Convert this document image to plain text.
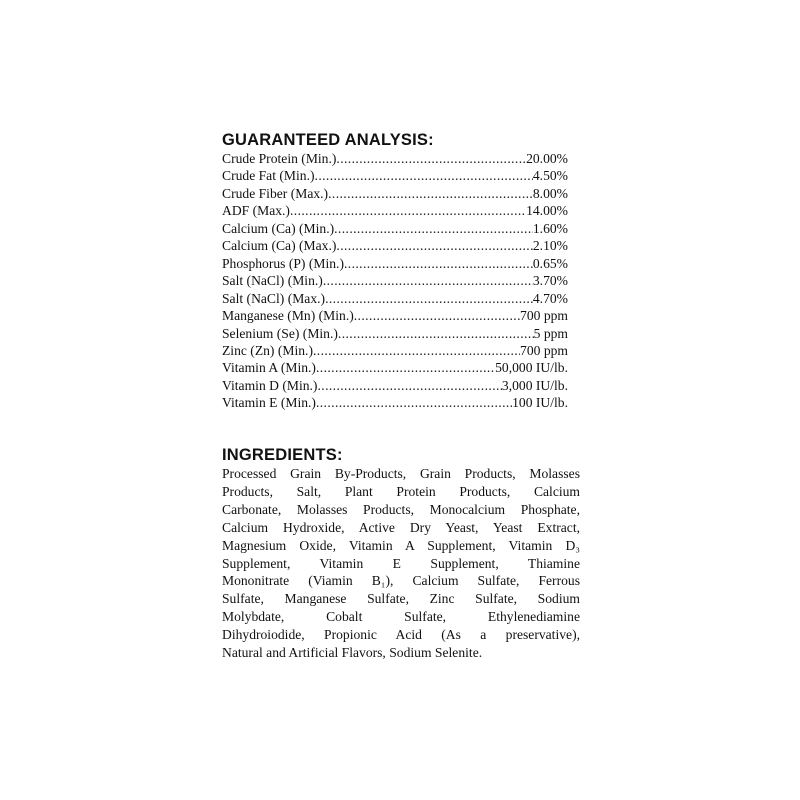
GUARANTEED ANALYSIS:
Crude Protein (Min.) .....	20.00%
Crude Fat (Min.) .....	4.50%
Crude Fiber (Max.) .....	8.00%
ADF (Max.) .....	14.00%
Calcium (Ca) (Min.) .....	1.60%
Calcium (Ca) (Max.) .....	2.10%
Phosphorus (P) (Min.) .....	0.65%
Salt (NaCl) (Min.) .....	3.70%
Salt (NaCl) (Max.) .....	4.70%
Manganese (Mn) (Min.) .....	700 ppm
Selenium (Se) (Min.) .....	5 ppm
Zinc (Zn) (Min.) .....	700 ppm
Vitamin A (Min.) .....	50,000 IU/lb.
Vitamin D (Min.) .....	3,000 IU/lb.
Vitamin E (Min.) .....	100 IU/lb.
INGREDIENTS:
Processed Grain By-Products, Grain Products, Molasses
Products, Salt, Plant Protein Products, Calcium
Carbonate, Molasses Products, Monocalcium Phosphate,
Calcium Hydroxide, Active Dry Yeast, Yeast Extract,
Magnesium Oxide, Vitamin A Supplement, Vitamin D₃
Supplement, Vitamin E Supplement, Thiamine
Mononitrate (Viamin B₁), Calcium Sulfate, Ferrous
Sulfate, Manganese Sulfate, Zinc Sulfate, Sodium
Molybdate, Cobalt Sulfate, Ethylenediamine
Dihydroiodide, Propionic Acid (As a preservative),
Natural and Artificial Flavors, Sodium Selenite.
